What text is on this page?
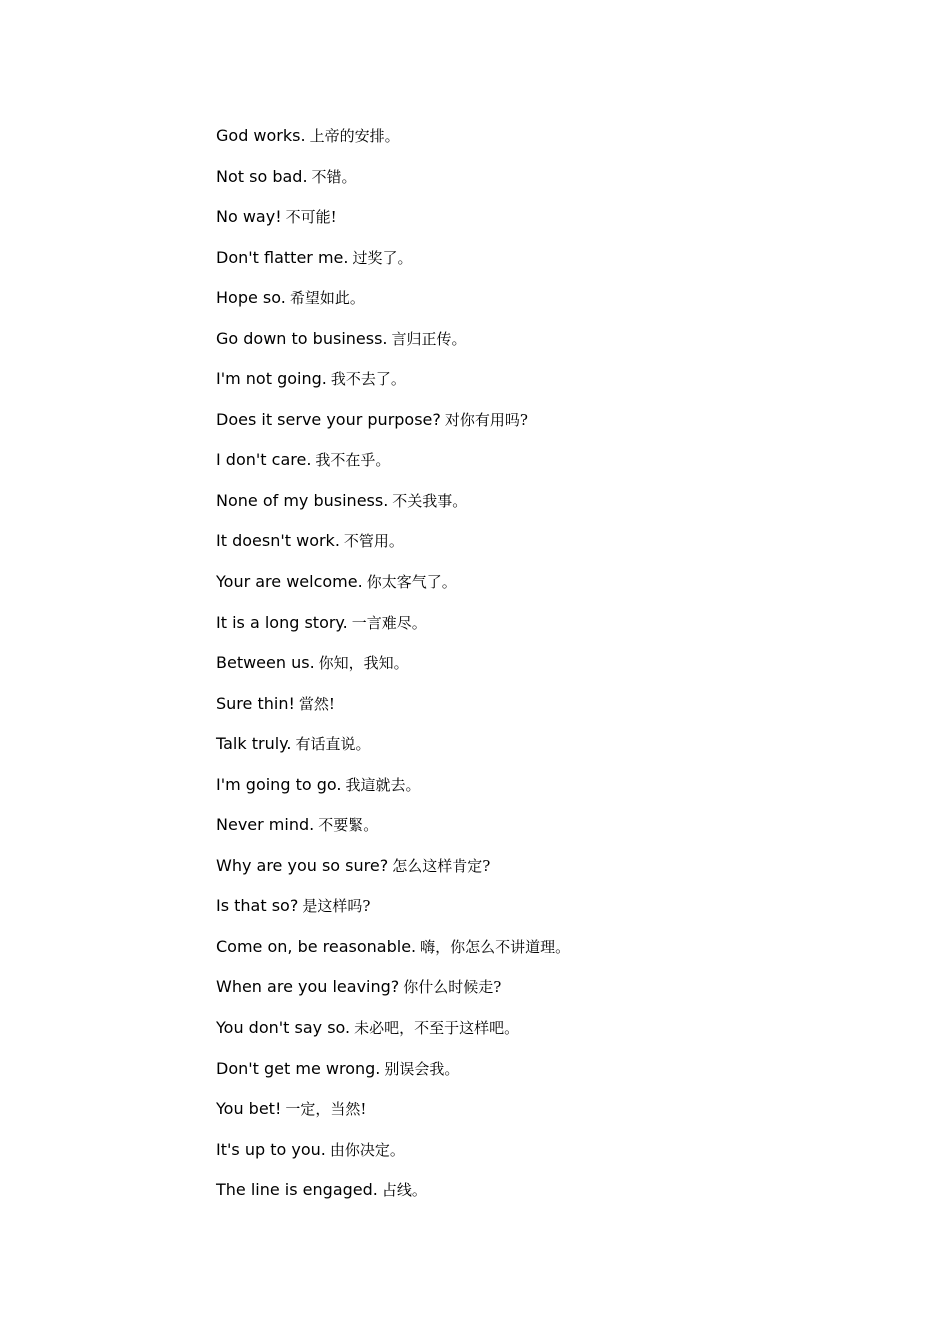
God works. 上帝的安排。
Not so bad. 不错。
No way! 不可能!
Don't flatter me. 过奖了。
Hope so. 希望如此。
Go down to business. 言归正传。
I'm not going. 我不去了。
Does it serve your purpose? 对你有用吗?
I don't care. 我不在乎。
None of my business. 不关我事。
It doesn't work. 不管用。
Your are welcome. 你太客气了。
It is a long story. 一言难尽。
Between us. 你知，我知。
Sure thin! 當然!
Talk truly. 有话直说。
I'm going to go. 我這就去。
Never mind. 不要緊。
Why are you so sure? 怎么这样肯定?
Is that so? 是这样吗?
Come on, be reasonable. 嗨，你怎么不讲道理。
When are you leaving? 你什么时候走?
You don't say so. 未必吧，不至于这样吧。
Don't get me wrong. 别误会我。
You bet! 一定，当然!
It's up to you. 由你决定。
The line is engaged. 占线。
